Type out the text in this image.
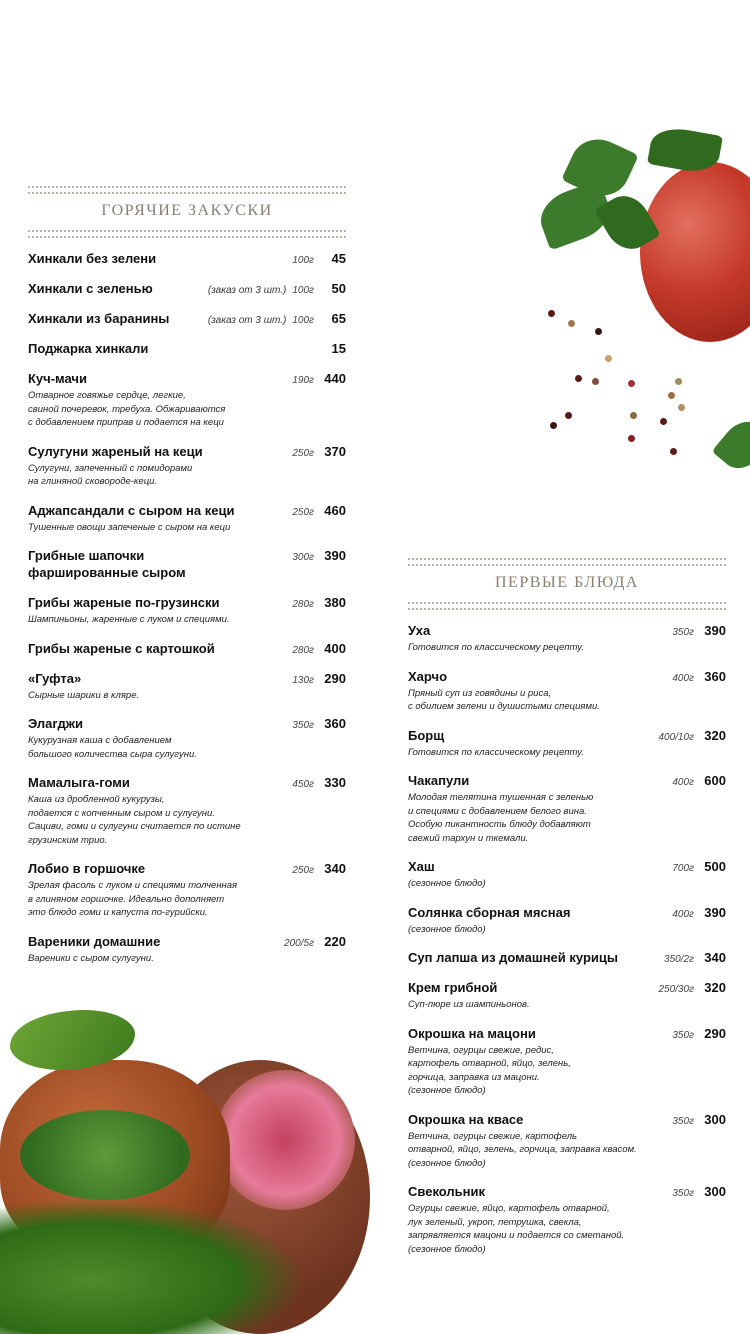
ГОРЯЧИЕ ЗАКУСКИ
Хинкали без зелени	100г	45
Хинкали с зеленью	(заказ от 3 шт.) 100г	50
Хинкали из баранины	(заказ от 3 шт.) 100г	65
Поджарка хинкали	15
Куч-мачи	190г 440
Отварное говяжье сердце, легкие,
свиной почеревок, требуха. Обжариваются
с добавлением приправ и подается на кеци
Сулугуни жареный на кеци	250г 370
Сулугуни, запеченный с помидорами
на глиняной сковороде-кеци.
Аджапсандали с сыром на кеци	250г 460
Тушенные овощи запеченые с сыром на кеци
Грибные шапочки
фаршированные сыром
300г 390
Грибы жареные по-грузински	280г 380
Шампиньоны, жаренные с луком и специями.
Грибы жареные с картошкой	280г 400
«Гуфта»	130г 290
Сырные шарики в кляре.
Элarджи	350г 360
Кукурузная каша с добавлением
большого количества сыра сулугуни.
Мамалыга-гоми	450г 330
Каша из дробленной кукурузы,
подается с копченным сыром и сулугуни.
Сациви, гоми и сулугуни считается по истине
грузинским трио.
Лобио в горшочке	250г 340
Зрелая фасоль с луком и специями толченная
в глиняном горшочке. Идеально дополняет
это блюдо гоми и капуста по-гурийски.
Вареники домашние	200/5г 220
Вареники с сыром сулугуни.
ПЕРВЫЕ БЛЮДА
Уха	350г 390
Готовится по классическому рецепту.
Харчо	400г 360
Пряный суп из говядины и риса,
с обилием зелени и душистыми специями.
Борщ	400/10г 320
Готовится по классическому рецепту.
Чакапули	400г 600
Молодая телятина тушенная с зеленью
и специями с добавлением белого вина.
Особую пикантность блюду добавляют
свежий тархун и ткемали.
Хаш	700г 500
(сезонное блюдо)
Солянка сборная мясная	400г 390
(сезонное блюдо)
Суп лапша из домашней курицы	350/2г 340
Крем грибной	250/30г 320
Суп-пюре из шампиньонов.
Окрошка на мацони	350г 290
Ветчина, огурцы свежие, редис,
картофель отварной, яйцо, зелень,
горчица, заправка из мацони.
(сезонное блюдо)
Окрошка на квасе	350г 300
Ветчина, огурцы свежие, картофель
отварной, яйцо, зелень, горчица, заправка квасом.
(сезонное блюдо)
Свекольник	350г 300
Огурцы свежие, яйцо, картофель отварной,
лук зеленый, укроп, петрушка, свекла,
запрявляется мацони и подается со сметаной.
(сезонное блюдо)
